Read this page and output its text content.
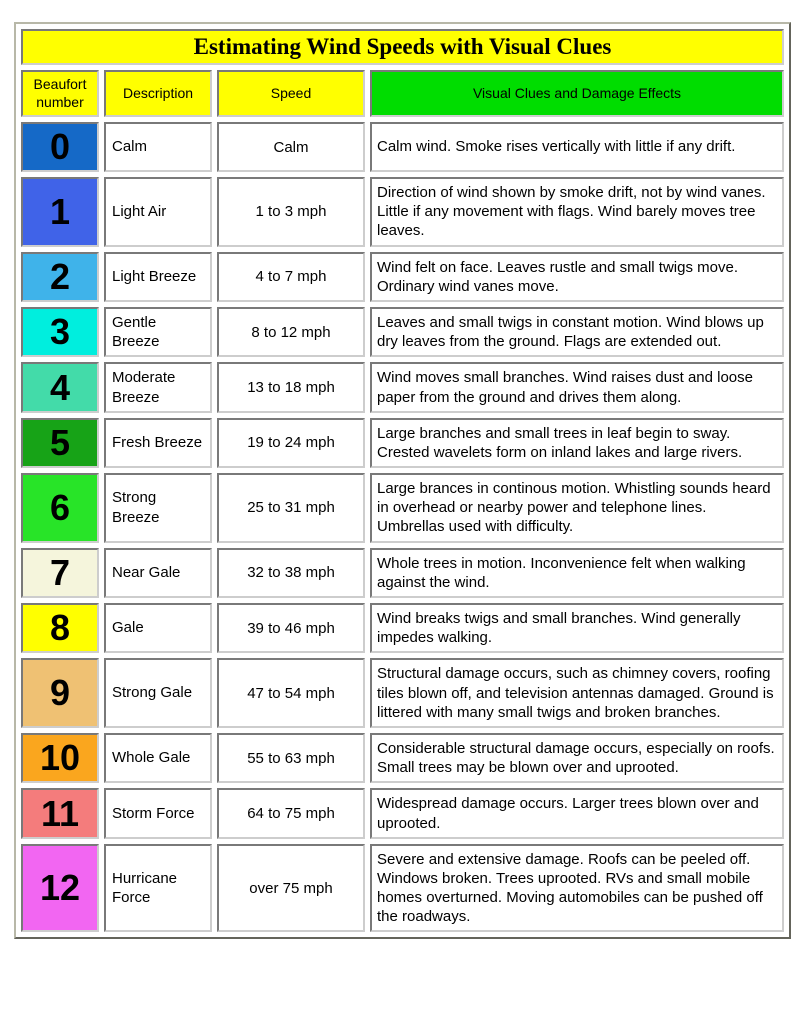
Estimating Wind Speeds with Visual Clues			
Beaufort number	Description	Speed	Visual Clues and Damage Effects
0	Calm	Calm	Calm wind. Smoke rises vertically with little if any drift.
1	Light Air	1 to 3 mph	Direction of wind shown by smoke drift, not by wind vanes. Little if any movement with flags. Wind barely moves tree leaves.
2	Light Breeze	4 to 7 mph	Wind felt on face. Leaves rustle and small twigs move. Ordinary wind vanes move.
3	Gentle Breeze	8 to 12 mph	Leaves and small twigs in constant motion. Wind blows up dry leaves from the ground. Flags are extended out.
4	Moderate Breeze	13 to 18 mph	Wind moves small branches. Wind raises dust and loose paper from the ground and drives them along.
5	Fresh Breeze	19 to 24 mph	Large branches and small trees in leaf begin to sway. Crested wavelets form on inland lakes and large rivers.
6	Strong Breeze	25 to 31 mph	Large brances in continous motion. Whistling sounds heard in overhead or nearby power and telephone lines. Umbrellas used with difficulty.
7	Near Gale	32 to 38 mph	Whole trees in motion. Inconvenience felt when walking against the wind.
8	Gale	39 to 46 mph	Wind breaks twigs and small branches. Wind generally impedes walking.
9	Strong Gale	47 to 54 mph	Structural damage occurs, such as chimney covers, roofing tiles blown off, and television antennas damaged. Ground is littered with many small twigs and broken branches.
10	Whole Gale	55 to 63 mph	Considerable structural damage occurs, especially on roofs. Small trees may be blown over and uprooted.
11	Storm Force	64 to 75 mph	Widespread damage occurs. Larger trees blown over and uprooted.
12	Hurricane Force	over 75 mph	Severe and extensive damage. Roofs can be peeled off. Windows broken. Trees uprooted. RVs and small mobile homes overturned. Moving automobiles can be pushed off the roadways.
